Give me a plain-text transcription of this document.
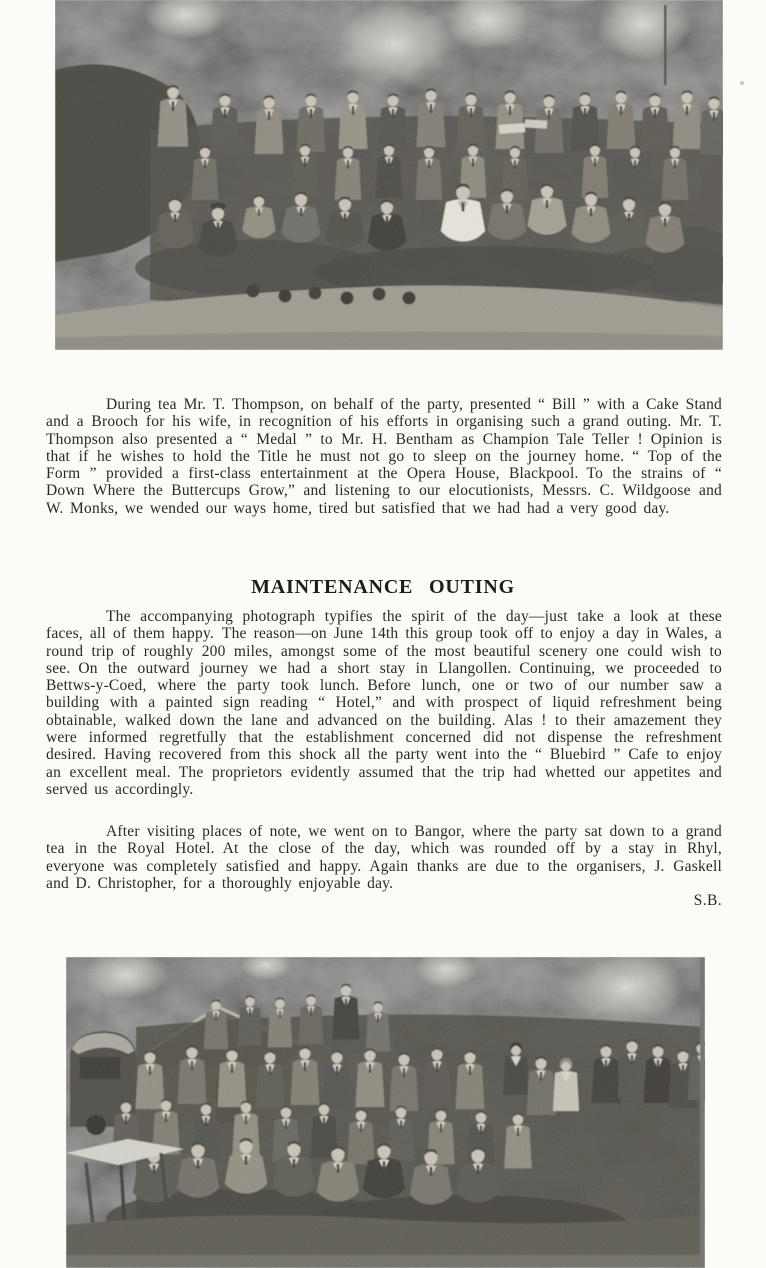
During tea Mr. T. Thompson, on behalf of the party, presented “ Bill ” with a Cake Stand and a Brooch for his wife, in recognition of his efforts in organising such a grand outing. Mr. T. Thompson also presented a “ Medal ” to Mr. H. Bentham as Champion Tale Teller ! Opinion is that if he wishes to hold the Title he must not go to sleep on the journey home. “ Top of the Form ” provided a first-class entertainment at the Opera House, Blackpool. To the strains of “ Down Where the Buttercups Grow,” and listening to our elocutionists, Messrs. C. Wildgoose and W. Monks, we wended our ways home, tired but satisfied that we had had a very good day.

MAINTENANCE OUTING

The accompanying photograph typifies the spirit of the day—just take a look at these faces, all of them happy. The reason—on June 14th this group took off to enjoy a day in Wales, a round trip of roughly 200 miles, amongst some of the most beautiful scenery one could wish to see. On the outward journey we had a short stay in Llangollen. Continuing, we proceeded to Bettws-y-Coed, where the party took lunch. Before lunch, one or two of our number saw a building with a painted sign reading “ Hotel,” and with prospect of liquid refreshment being obtainable, walked down the lane and advanced on the building. Alas ! to their amazement they were informed regretfully that the establishment concerned did not dispense the refreshment desired. Having recovered from this shock all the party went into the “ Bluebird ” Cafe to enjoy an excellent meal. The proprietors evidently assumed that the trip had whetted our appetites and served us accordingly.

After visiting places of note, we went on to Bangor, where the party sat down to a grand tea in the Royal Hotel. At the close of the day, which was rounded off by a stay in Rhyl, everyone was completely satisfied and happy. Again thanks are due to the organisers, J. Gaskell and D. Christopher, for a thoroughly enjoyable day.

S.B.
